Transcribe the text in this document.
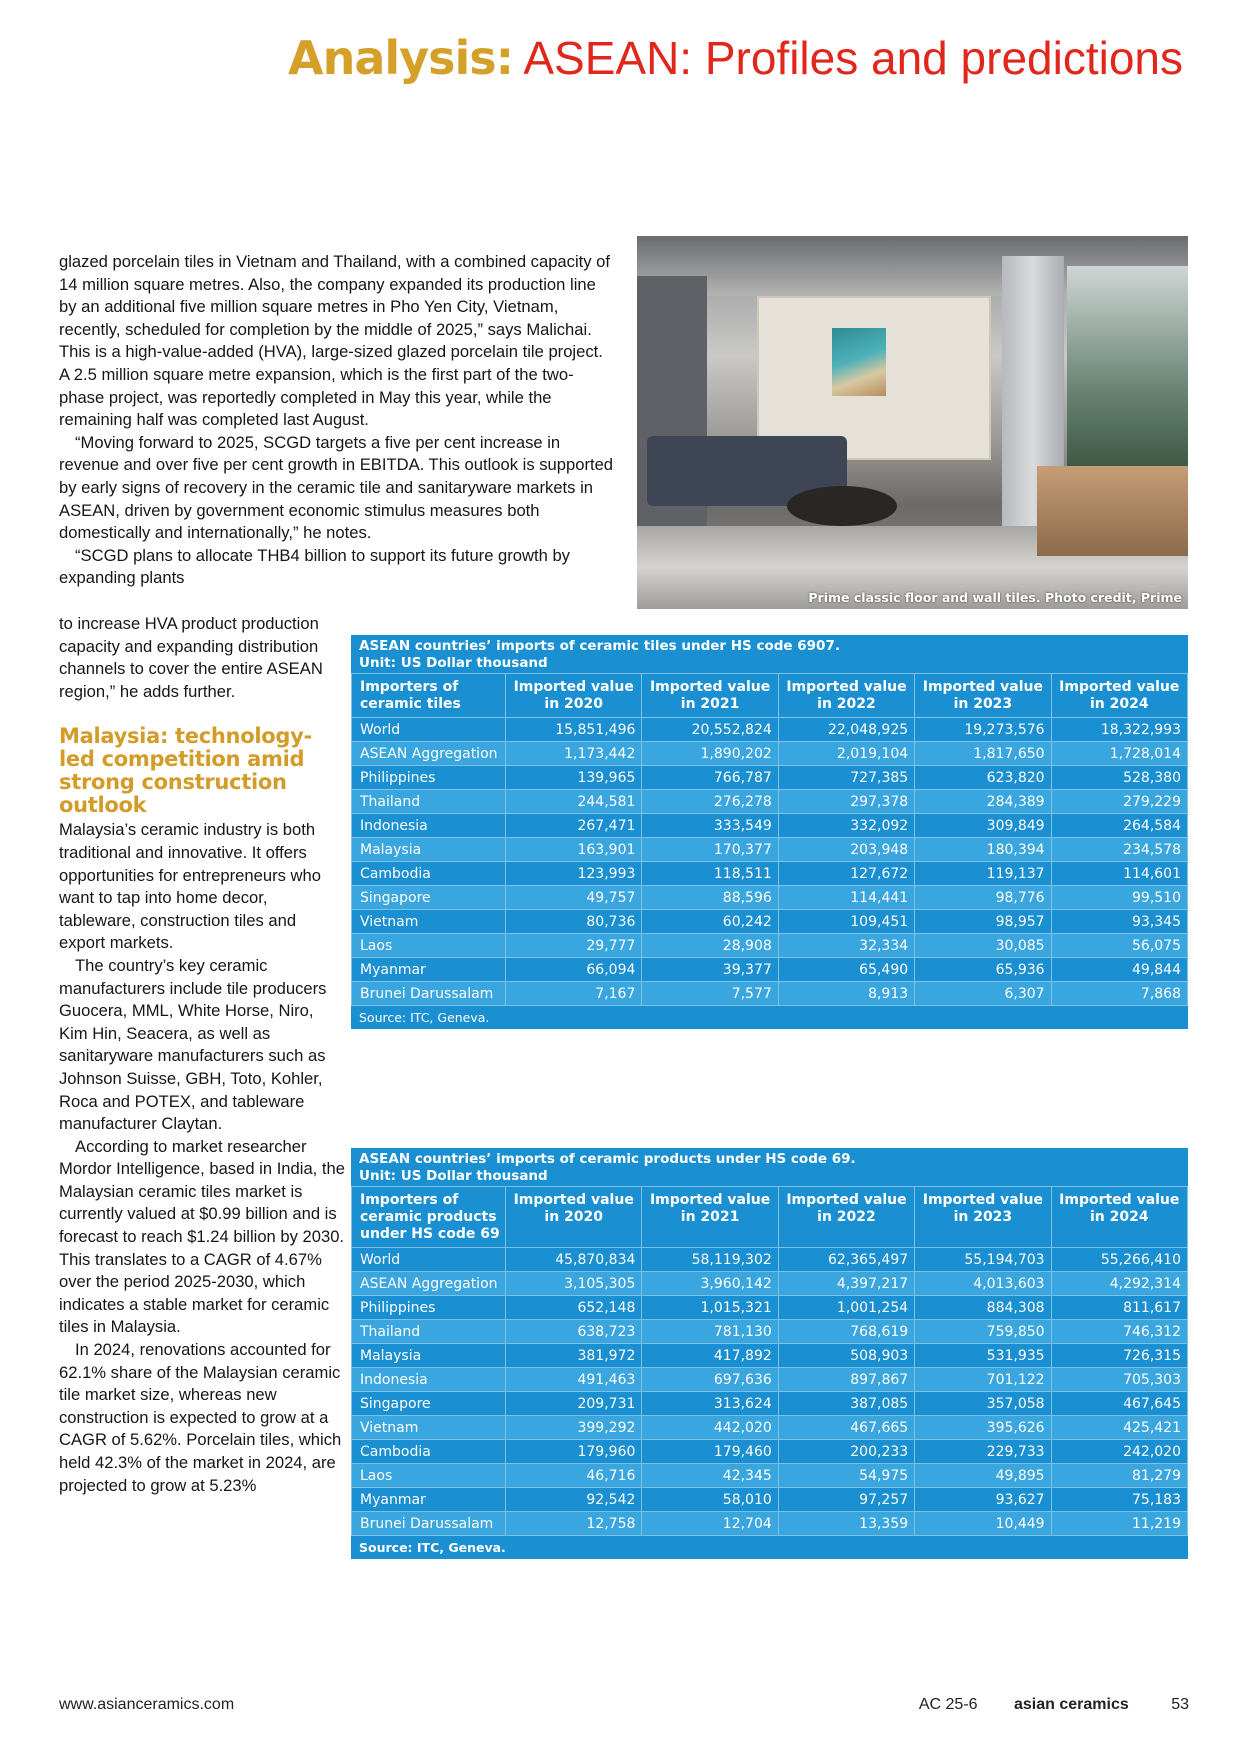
Analysis: ASEAN: Profiles and predictions

glazed porcelain tiles in Vietnam and Thailand, with a combined capacity of 14 million square metres. Also, the company expanded its production line by an additional five million square metres in Pho Yen City, Vietnam, recently, scheduled for completion by the middle of 2025,” says Malichai. This is a high-value-added (HVA), large-sized glazed porcelain tile project. A 2.5 million square metre expansion, which is the first part of the two-phase project, was reportedly completed in May this year, while the remaining half was completed last August.

“Moving forward to 2025, SCGD targets a five per cent increase in revenue and over five per cent growth in EBITDA. This outlook is supported by early signs of recovery in the ceramic tile and sanitaryware markets in ASEAN, driven by government economic stimulus measures both domestically and internationally,” he notes.

“SCGD plans to allocate THB4 billion to support its future growth by expanding plants

Prime classic floor and wall tiles. Photo credit, Prime

to increase HVA product production capacity and expanding distribution channels to cover the entire ASEAN region,” he adds further.

Malaysia: technology-led competition amid strong construction outlook

Malaysia’s ceramic industry is both traditional and innovative. It offers opportunities for entrepreneurs who want to tap into home decor, tableware, construction tiles and export markets.

The country’s key ceramic manufacturers include tile producers Guocera, MML, White Horse, Niro, Kim Hin, Seacera, as well as sanitaryware manufacturers such as Johnson Suisse, GBH, Toto, Kohler, Roca and POTEX, and tableware manufacturer Claytan.

According to market researcher Mordor Intelligence, based in India, the Malaysian ceramic tiles market is currently valued at $0.99 billion and is forecast to reach $1.24 billion by 2030. This translates to a CAGR of 4.67% over the period 2025-2030, which indicates a stable market for ceramic tiles in Malaysia.

In 2024, renovations accounted for 62.1% share of the Malaysian ceramic tile market size, whereas new construction is expected to grow at a CAGR of 5.62%. Porcelain tiles, which held 42.3% of the market in 2024, are projected to grow at 5.23%

ASEAN countries’ imports of ceramic tiles under HS code 6907.
Unit: US Dollar thousand
Importers of ceramic tiles	Imported value in 2020	Imported value in 2021	Imported value in 2022	Imported value in 2023	Imported value in 2024
World	15,851,496	20,552,824	22,048,925	19,273,576	18,322,993
ASEAN Aggregation	1,173,442	1,890,202	2,019,104	1,817,650	1,728,014
Philippines	139,965	766,787	727,385	623,820	528,380
Thailand	244,581	276,278	297,378	284,389	279,229
Indonesia	267,471	333,549	332,092	309,849	264,584
Malaysia	163,901	170,377	203,948	180,394	234,578
Cambodia	123,993	118,511	127,672	119,137	114,601
Singapore	49,757	88,596	114,441	98,776	99,510
Vietnam	80,736	60,242	109,451	98,957	93,345
Laos	29,777	28,908	32,334	30,085	56,075
Myanmar	66,094	39,377	65,490	65,936	49,844
Brunei Darussalam	7,167	7,577	8,913	6,307	7,868
Source: ITC, Geneva.
ASEAN countries’ imports of ceramic products under HS code 69.
Unit: US Dollar thousand
Importers of ceramic products under HS code 69	Imported value in 2020	Imported value in 2021	Imported value in 2022	Imported value in 2023	Imported value in 2024
World	45,870,834	58,119,302	62,365,497	55,194,703	55,266,410
ASEAN Aggregation	3,105,305	3,960,142	4,397,217	4,013,603	4,292,314
Philippines	652,148	1,015,321	1,001,254	884,308	811,617
Thailand	638,723	781,130	768,619	759,850	746,312
Malaysia	381,972	417,892	508,903	531,935	726,315
Indonesia	491,463	697,636	897,867	701,122	705,303
Singapore	209,731	313,624	387,085	357,058	467,645
Vietnam	399,292	442,020	467,665	395,626	425,421
Cambodia	179,960	179,460	200,233	229,733	242,020
Laos	46,716	42,345	54,975	49,895	81,279
Myanmar	92,542	58,010	97,257	93,627	75,183
Brunei Darussalam	12,758	12,704	13,359	10,449	11,219
Source: ITC, Geneva.
www.asianceramics.com	AC 25-6 asian ceramics	53
